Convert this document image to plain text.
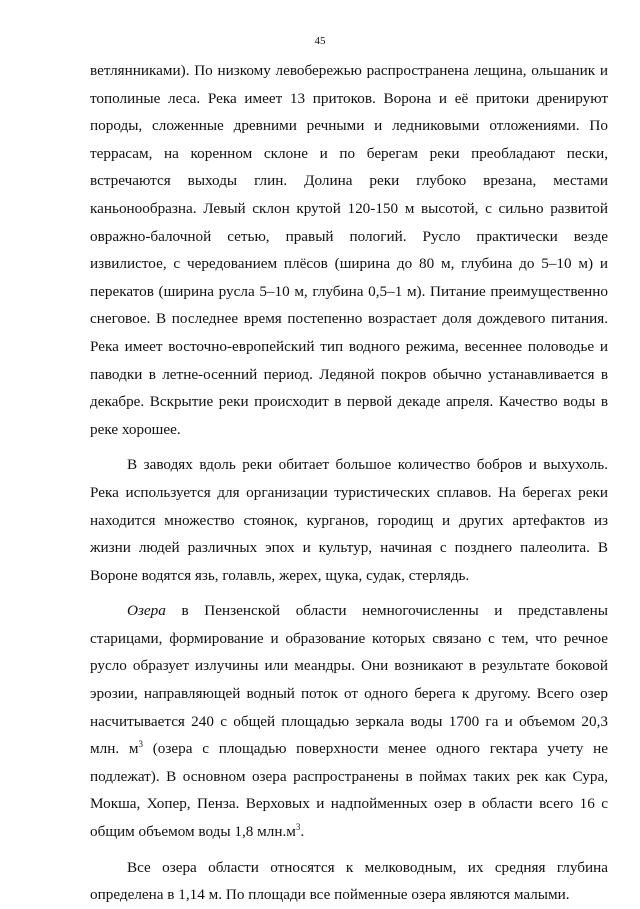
45

ветлянниками). По низкому левобережью распространена лещина, ольшаник и тополиные леса. Река имеет 13 притоков. Ворона и её притоки дренируют породы, сложенные древними речными и ледниковыми отложениями. По террасам, на коренном склоне и по берегам реки преобладают пески, встречаются выходы глин. Долина реки глубоко врезана, местами каньонообразна. Левый склон крутой 120-150 м высотой, с сильно развитой овражно-балочной сетью, правый пологий. Русло практически везде извилистое, с чередованием плёсов (ширина до 80 м, глубина до 5–10 м) и перекатов (ширина русла 5–10 м, глубина 0,5–1 м). Питание преимущественно снеговое. В последнее время постепенно возрастает доля дождевого питания. Река имеет восточно-европейский тип водного режима, весеннее половодье и паводки в летне-осенний период. Ледяной покров обычно устанавливается в декабре. Вскрытие реки происходит в первой декаде апреля. Качество воды в реке хорошее.

В заводях вдоль реки обитает большое количество бобров и выхухоль. Река используется для организации туристических сплавов. На берегах реки находится множество стоянок, курганов, городищ и других артефактов из жизни людей различных эпох и культур, начиная с позднего палеолита. В Вороне водятся язь, голавль, жерех, щука, судак, стерлядь.

Озера в Пензенской области немногочисленны и представлены старицами, формирование и образование которых связано с тем, что речное русло образует излучины или меандры. Они возникают в результате боковой эрозии, направляющей водный поток от одного берега к другому. Всего озер насчитывается 240 с общей площадью зеркала воды 1700 га и объемом 20,3 млн. $м^3$ (озера с площадью поверхности менее одного гектара учету не подлежат). В основном озера распространены в поймах таких рек как Сура, Мокша, Хопер, Пенза. Верховых и надпойменных озер в области всего 16 с общим объемом воды 1,8 $млн.м^3$.

Все озера области относятся к мелководным, их средняя глубина определена в 1,14 м. По площади все пойменные озера являются малыми.
